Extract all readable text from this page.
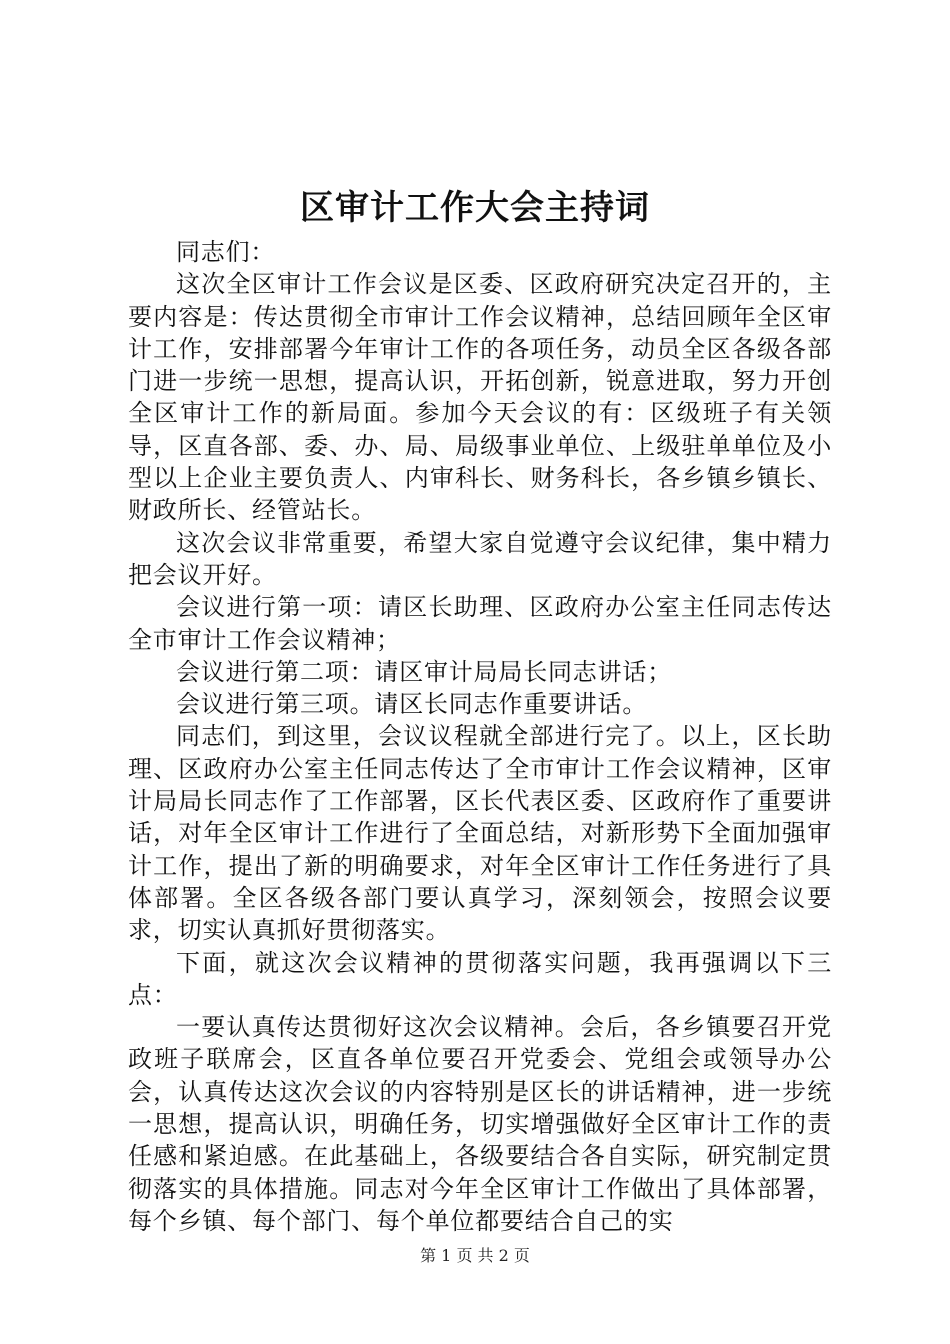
区审计工作大会主持词

同志们：

这次全区审计工作会议是区委、区政府研究决定召开的，主要内容是：传达贯彻全市审计工作会议精神，总结回顾年全区审计工作，安排部署今年审计工作的各项任务，动员全区各级各部门进一步统一思想，提高认识，开拓创新，锐意进取，努力开创全区审计工作的新局面。参加今天会议的有：区级班子有关领导，区直各部、委、办、局、局级事业单位、上级驻单单位及小型以上企业主要负责人、内审科长、财务科长，各乡镇乡镇长、财政所长、经管站长。

这次会议非常重要，希望大家自觉遵守会议纪律，集中精力把会议开好。

会议进行第一项：请区长助理、区政府办公室主任同志传达全市审计工作会议精神；

会议进行第二项：请区审计局局长同志讲话；

会议进行第三项。请区长同志作重要讲话。

同志们，到这里，会议议程就全部进行完了。以上，区长助理、区政府办公室主任同志传达了全市审计工作会议精神，区审计局局长同志作了工作部署，区长代表区委、区政府作了重要讲话，对年全区审计工作进行了全面总结，对新形势下全面加强审计工作，提出了新的明确要求，对年全区审计工作任务进行了具体部署。全区各级各部门要认真学习，深刻领会，按照会议要求，切实认真抓好贯彻落实。

下面，就这次会议精神的贯彻落实问题，我再强调以下三点：

一要认真传达贯彻好这次会议精神。会后，各乡镇要召开党政班子联席会，区直各单位要召开党委会、党组会或领导办公会，认真传达这次会议的内容特别是区长的讲话精神，进一步统一思想，提高认识，明确任务，切实增强做好全区审计工作的责任感和紧迫感。在此基础上，各级要结合各自实际，研究制定贯彻落实的具体措施。同志对今年全区审计工作做出了具体部署，每个乡镇、每个部门、每个单位都要结合自己的实

第 1 页 共 2 页
